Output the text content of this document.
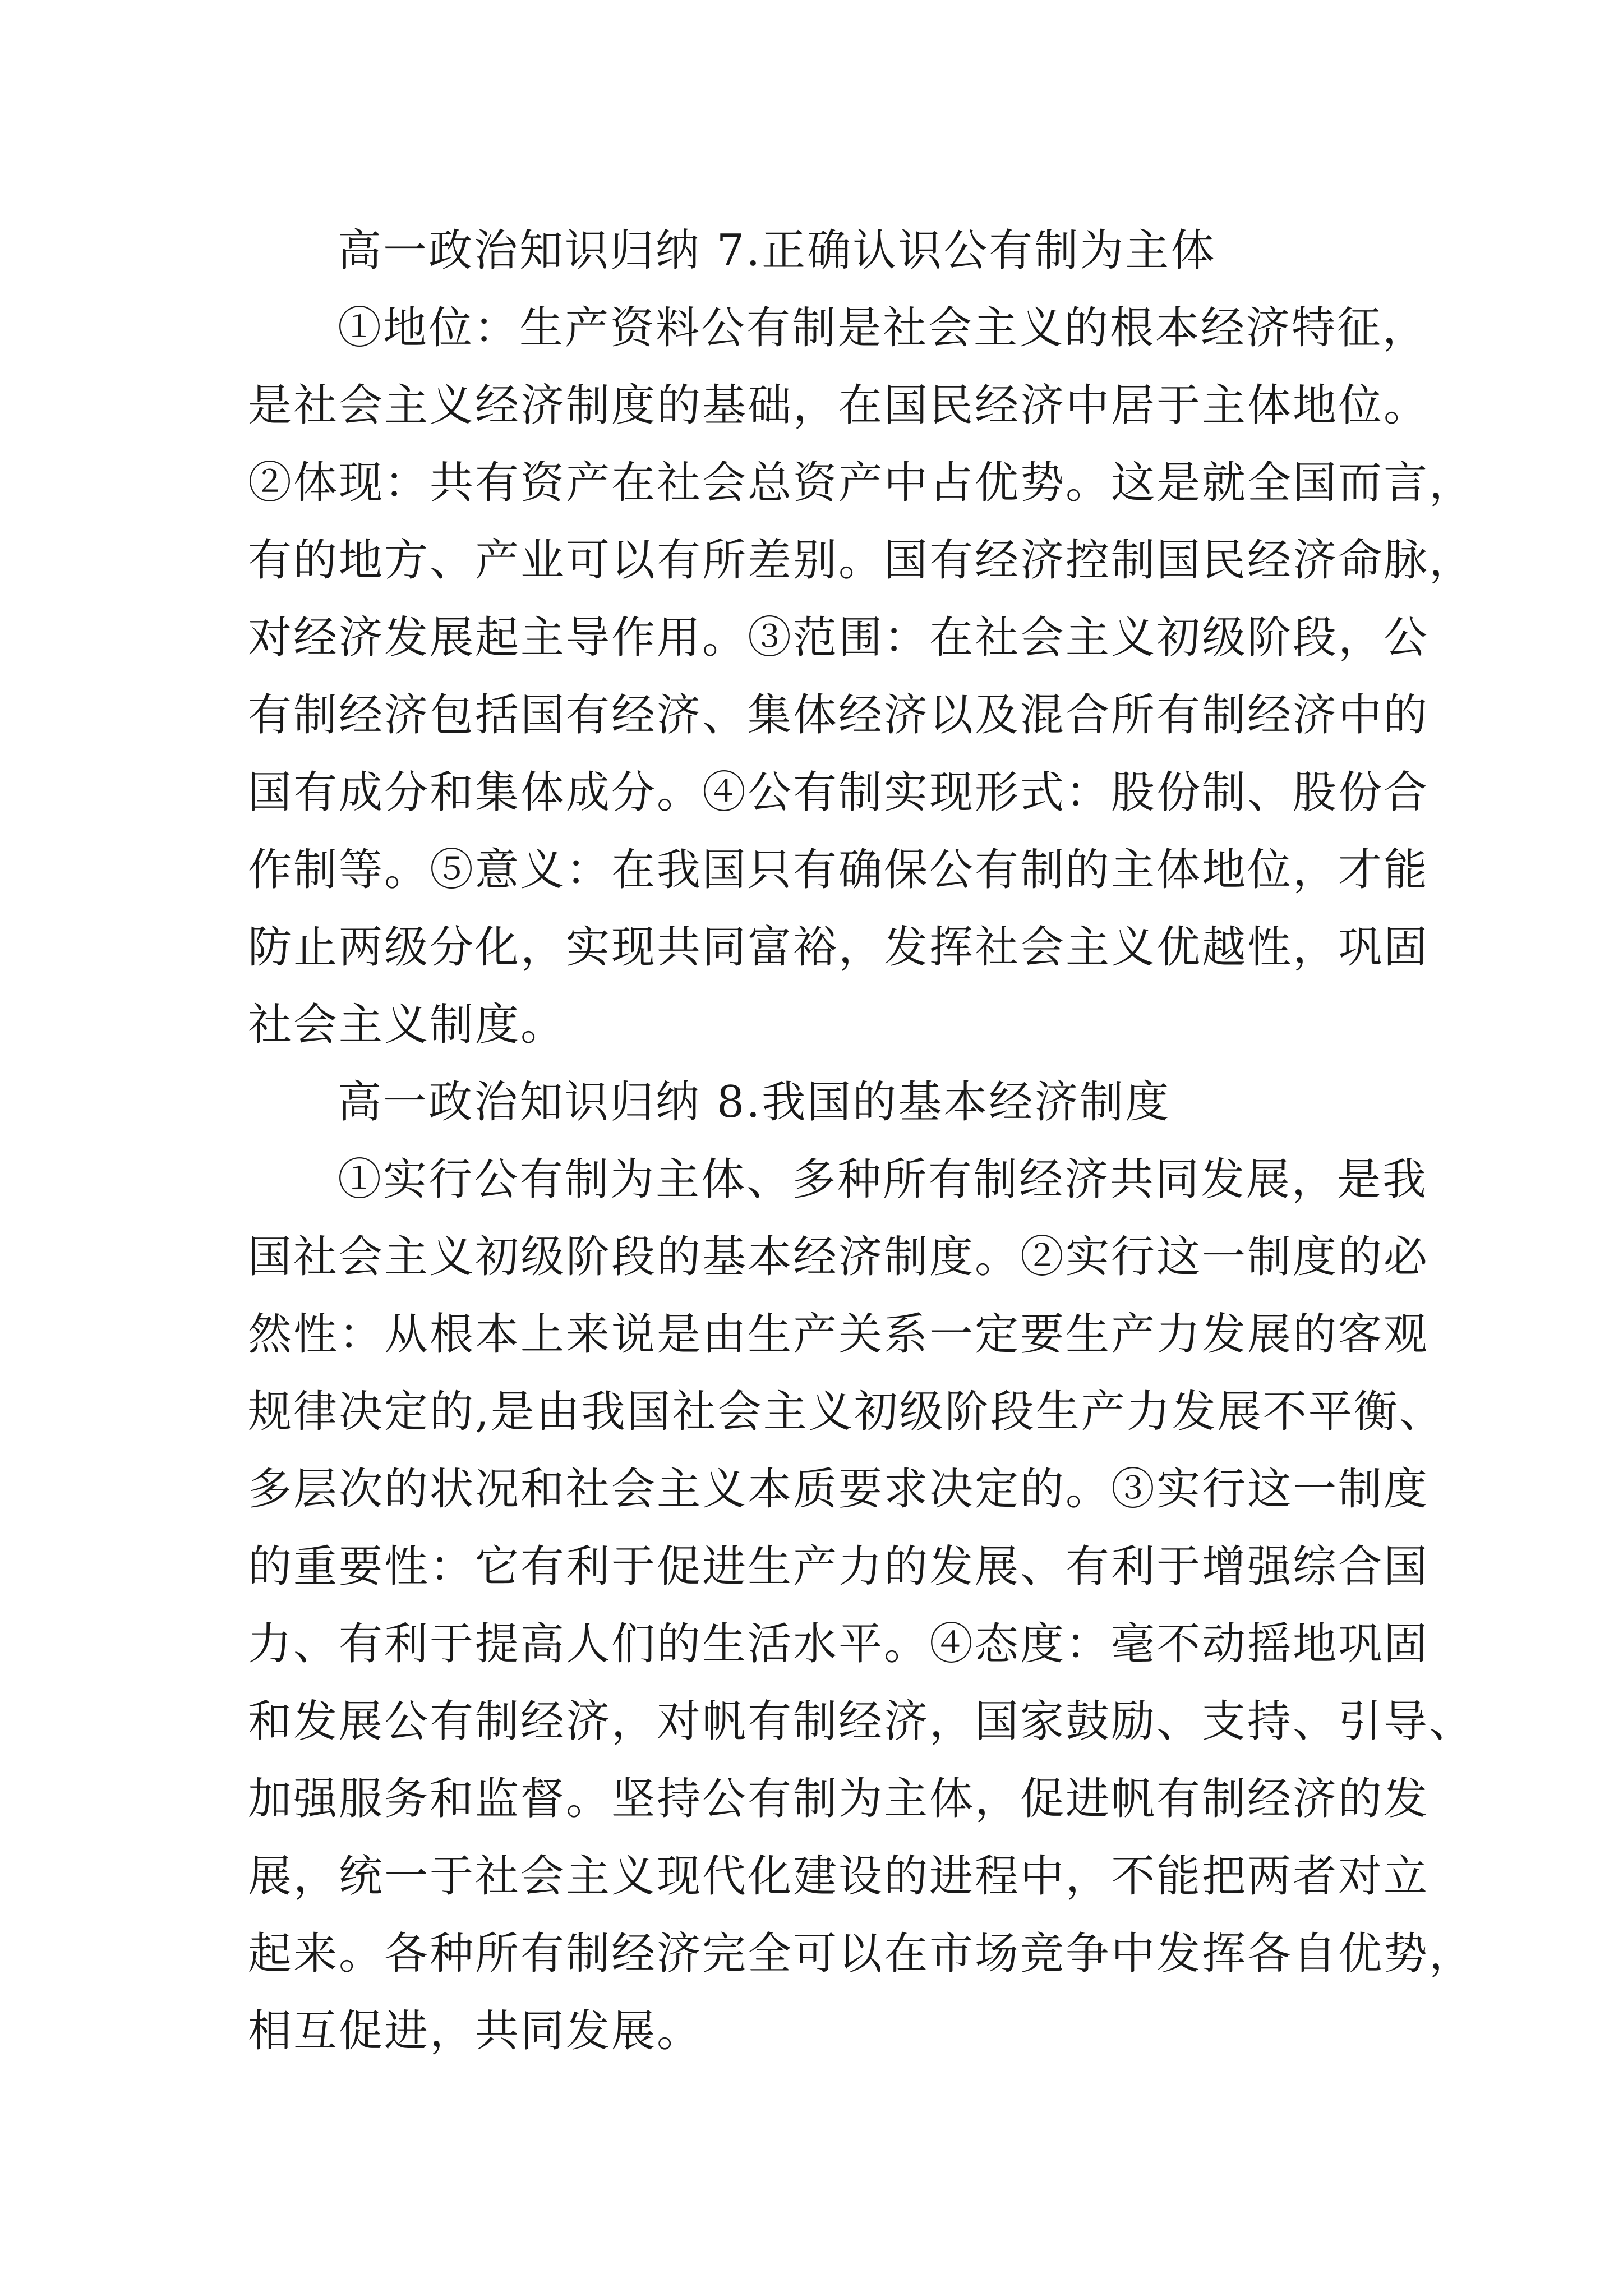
高一政治知识归纳 7.正确认识公有制为主体
①地位：生产资料公有制是社会主义的根本经济特征，
是社会主义经济制度的基础，在国民经济中居于主体地位。
②体现：共有资产在社会总资产中占优势。这是就全国而言，
有的地方、产业可以有所差别。国有经济控制国民经济命脉，
对经济发展起主导作用。③范围：在社会主义初级阶段，公
有制经济包括国有经济、集体经济以及混合所有制经济中的
国有成分和集体成分。④公有制实现形式：股份制、股份合
作制等。⑤意义：在我国只有确保公有制的主体地位，才能
防止两级分化，实现共同富裕，发挥社会主义优越性，巩固
社会主义制度。
高一政治知识归纳 8.我国的基本经济制度
①实行公有制为主体、多种所有制经济共同发展，是我
国社会主义初级阶段的基本经济制度。②实行这一制度的必
然性：从根本上来说是由生产关系一定要生产力发展的客观
规律决定的,是由我国社会主义初级阶段生产力发展不平衡、
多层次的状况和社会主义本质要求决定的。③实行这一制度
的重要性：它有利于促进生产力的发展、有利于增强综合国
力、有利于提高人们的生活水平。④态度：毫不动摇地巩固
和发展公有制经济，对帆有制经济，国家鼓励、支持、引导、
加强服务和监督。坚持公有制为主体，促进帆有制经济的发
展，统一于社会主义现代化建设的进程中，不能把两者对立
起来。各种所有制经济完全可以在市场竞争中发挥各自优势，
相互促进，共同发展。
